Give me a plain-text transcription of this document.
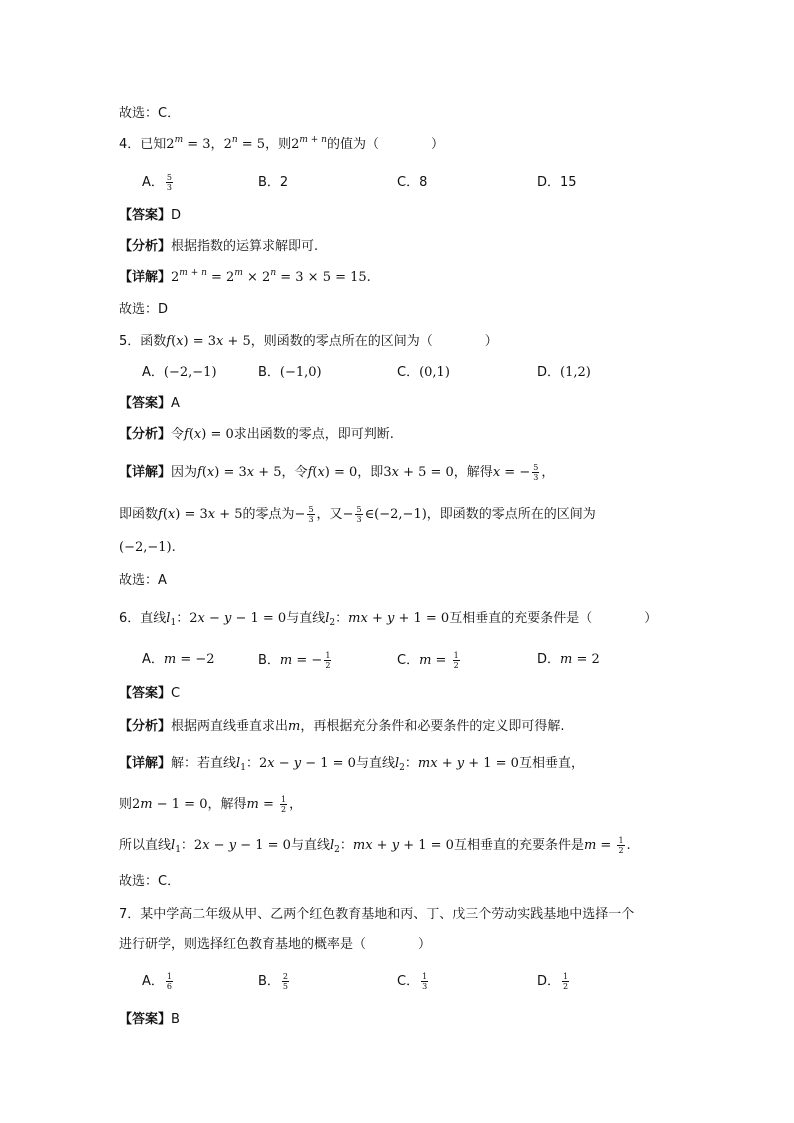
故选：C．
4．已知$2^m = 3$，$2^n = 5$，则$2^{m + n}$的值为（　　　　）
A． $\frac{5}{3}$	B．2	C．8	D．15
【答案】D
【分析】根据指数的运算求解即可.
【详解】$2^{m + n} = 2^m \times 2^n = 3 \times 5 = 15$.
故选：D
5．函数f(x) = 3x + 5，则函数的零点所在的区间为（　　　　）
A．(−2,−1)	B．(−1,0)	C．(0,1)	D．(1,2)
【答案】A
【分析】令f(x) = 0求出函数的零点，即可判断.
【详解】因为f(x) = 3x + 5，令f(x) = 0，即3x + 5 = 0，解得x = − $\frac{5}{3}$ ，
即函数f(x) = 3x + 5的零点为− $\frac{5}{3}$ ，又− $\frac{5}{3}$ ∈(−2,−1)，即函数的零点所在的区间为
(−2,−1).
故选：A
6．直线$l_1$：2x − y − 1 = 0与直线$l_2$：mx + y + 1 = 0互相垂直的充要条件是（　　　　）
A．m = −2	B．m = − $\frac{1}{2}$	C．$m = \frac{1}{2}$	D．m = 2
【答案】C
【分析】根据两直线垂直求出m，再根据充分条件和必要条件的定义即可得解.
【详解】解：若直线$l_1$：2x − y − 1 = 0与直线$l_2$：mx + y + 1 = 0互相垂直，
则2m − 1 = 0，解得$m = \frac{1}{2}$ ，
所以直线$l_1$：2x − y − 1 = 0与直线$l_2$：mx + y + 1 = 0互相垂直的充要条件是$m = \frac{1}{2}$ .
故选：C．
7．某中学高二年级从甲、乙两个红色教育基地和丙、丁、戊三个劳动实践基地中选择一个
进行研学，则选择红色教育基地的概率是（　　　　）
A． $\frac{1}{6}$	B． $\frac{2}{5}$	C． $\frac{1}{3}$	D． $\frac{1}{2}$
【答案】B
